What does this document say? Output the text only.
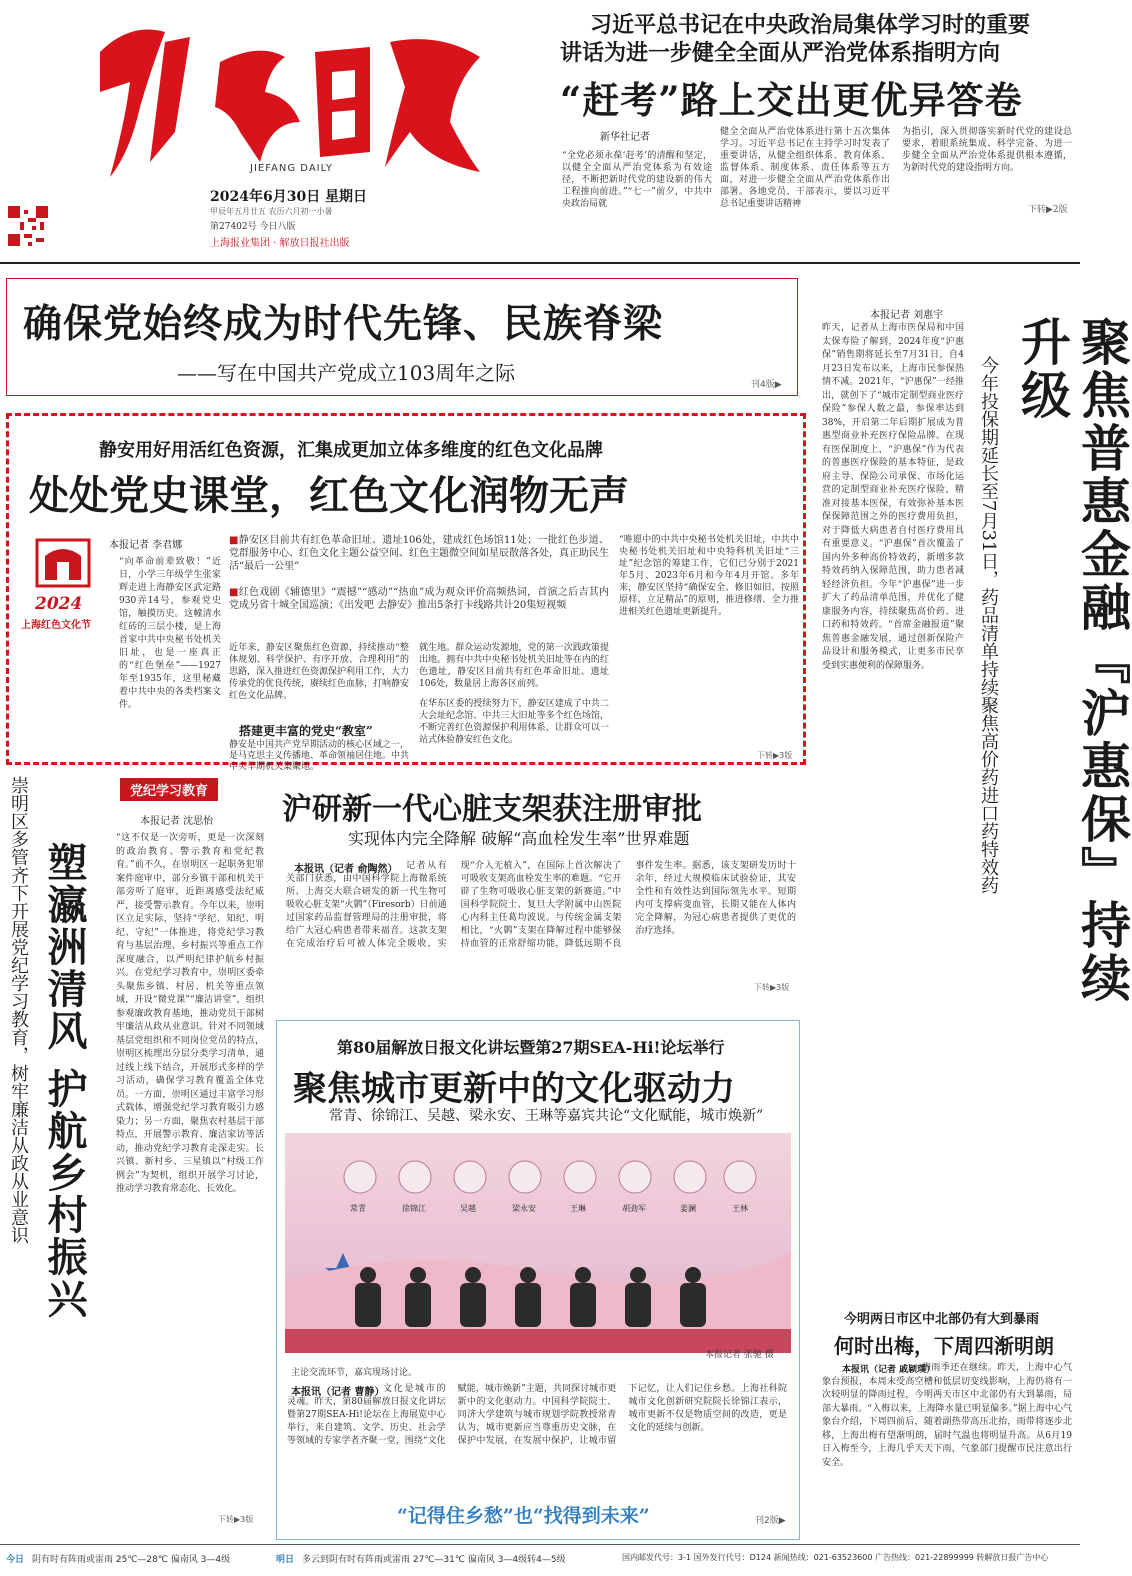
JIEFANG DAILY
2024年6月30日 星期日
甲辰年五月廿五 农历六月初一小暑
第27402号 今日八版
上海报业集团 · 解放日报社出版
习近平总书记在中央政治局集体学习时的重要
讲话为进一步健全全面从严治党体系指明方向
“赶考”路上交出更优异答卷
新华社记者
“全党必须永葆‘赶考’的清醒和坚定，以健全全面从严治党体系为有效途径，不断把新时代党的建设新的伟大工程推向前进。”“七一”前夕，中共中央政治局就
健全全面从严治党体系进行第十五次集体学习。习近平总书记在主持学习时发表了重要讲话，从健全组织体系、教育体系、监督体系、制度体系、责任体系等五方面，对进一步健全全面从严治党体系作出部署。各地党员、干部表示，要以习近平总书记重要讲话精神
为指引，深入贯彻落实新时代党的建设总要求，着眼系统集成、科学完备、为进一步健全全面从严治党体系提供根本遵循，为新时代党的建设指明方向。
下转▶2版
确保党始终成为时代先锋、民族脊梁
——写在中国共产党成立103周年之际	刊4版▶
静安用好用活红色资源，汇集成更加立体多维度的红色文化品牌
处处党史课堂，红色文化润物无声
2024
上海红色文化节
本报记者 李君娜
“向革命前辈致敬！”近日，小学三年级学生张家辉走进上海静安区武定路930弄14号，参观党史馆，触摸历史。这幢清水红砖的三层小楼，是上海首家中共中央秘书处机关旧址，也是一座真正的“红色堡垒”——1927年至1935年，这里秘藏着中共中央的各类档案文件。
■静安区目前共有红色革命旧址、遗址106处，建成红色场馆11处；一批红色步道、党群服务中心、红色文化主题公益空间、红色主题微空间如星辰散落各处，真正助民生活“最后一公里”
■红色戏剧《辅德里》“震撼”“感动”“热血”成为观众评价高频热词，首演之后吉其内党成另省十城全国巡演；《出发吧 去静安》推出5条打卡线路共计20集短视频
近年来，静安区聚焦红色资源，持续推动“整体规划、科学保护、有序开放、合理利用”的思路，深入推进红色资源保护利用工作，大力传承党的优良传统，赓续红色血脉，打响静安红色文化品牌。
搭建更丰富的党史“教室”
静安是中国共产党早期活动的核心区域之一，是马克思主义传播地、革命领袖居住地。中共中央早期机关集聚地。
就生地。群众运动发源地，党的第一次践政策提出地。拥有中共中央秘书处机关旧址等在内的红色遗址，静安区目前共有红色革命旧址、遗址106处，数量居上海各区前列。
在华东区委的授续努力下，静安区建成了中共二大会址纪念馆、中共三大旧址等多个红色场馆，不断完善红色资源保护利用体系，让群众可以一站式体验静安红色文化。
“唯愿中的中共中央秘书处机关旧址，中共中央秘书处机关旧址和中央特科机关旧址“三址”纪念馆的筹建工作，它们已分别于2021年5月、2023年6月和今年4月开馆。多年来，静安区坚持“确保安全、修旧如旧、按照原样、立足精品”的原则，推进修缮、全力推进相关红色遗址更新提升。
下转▶3版
本报记者 刘惠宇
昨天，记者从上海市医保局和中国太保寿险了解到，2024年度“沪惠保”销售期将延长至7月31日，自4月23日发布以来，上海市民参保热情不减。2021年，“沪惠保”一经推出，就创下了“城市定制型商业医疗保险”参保人数之最，参保率达到38%，开启第二年后期扩展成为普惠型商业补充医疗保险品牌。在现有医保制度上，“沪惠保”作为代表的普惠医疗保险的基本特征，是政府主导、保险公司承保、市场化运营的定制型商业补充医疗保险，精准对接基本医保，有效弥补基本医保保障范围之外的医疗费用负担，对于降低大病患者自付医疗费用具有重要意义。“沪惠保”首次覆盖了国内外多种高价特效药，新增多款特效药纳入保障范围，助力患者减轻经济负担。今年“沪惠保”进一步扩大了药品清单范围，并优化了健康服务内容，持续聚焦高价药、进口药和特效药。“首席金融报道”聚焦普惠金融发展，通过创新保险产品设计和服务模式，让更多市民享受到实惠便利的保障服务。	聚焦普惠金融『沪惠保』持续升级
今年投保期延长至7月31日，药品清单持续聚焦高价药进口药特效药
党纪学习教育
崇明区多管齐下开展党纪学习教育，树牢廉洁从政从业意识 塑瀛洲清风 护航乡村振兴
本报记者 沈思怡
“这不仅是一次旁听，更是一次深刻的政治教育、警示教育和党纪教育。”前不久，在崇明区一起职务犯罪案件庭审中，部分乡镇干部和机关干部旁听了庭审，近距离感受法纪威严，接受警示教育。今年以来，崇明区立足实际，坚持“学纪、知纪、明纪、守纪”一体推进，将党纪学习教育与基层治理、乡村振兴等重点工作深度融合，以严明纪律护航乡村振兴。在党纪学习教育中，崇明区委牵头聚焦乡镇、村居、机关等重点领域，开设“微党课”“廉洁讲堂”，组织参观廉政教育基地，推动党员干部树牢廉洁从政从业意识。针对不同领域基层党组织和不同岗位党员的特点，崇明区梳理出分层分类学习清单，通过线上线下结合，开展形式多样的学习活动，确保学习教育覆盖全体党员。一方面，崇明区通过丰富学习形式载体，增强党纪学习教育吸引力感染力；另一方面，聚焦农村基层干部特点，开展警示教育、廉洁家访等活动，推动党纪学习教育走深走实。长兴镇、新村乡、三星镇以“村级工作例会”为契机，组织开展学习讨论，推动学习教育常态化、长效化。
下转▶3版
沪研新一代心脏支架获注册审批
实现体内完全降解 破解“高血栓发生率”世界难题
本报讯（记者 俞陶然） 记者从有关部门获悉，由中国科学院上海微系统所、上海交大联合研发的新一代生物可吸收心脏支架“火鹮”（Firesorb）日前通过国家药品监督管理局的注册审批，将给广大冠心病患者带来福音。这款支架在完成治疗后可被人体完全吸收，实现“介入无植入”，在国际上首次解决了可吸收支架高血栓发生率的难题。“它开辟了生物可吸收心脏支架的新赛道。”中国科学院院士、复旦大学附属中山医院心内科主任葛均波说。与传统金属支架相比，“火鹮”支架在降解过程中能够保持血管的正常舒缩功能，降低远期不良事件发生率。据悉，该支架研发历时十余年，经过大规模临床试验验证，其安全性和有效性达到国际领先水平。短期内可支撑病变血管，长期又能在人体内完全降解，为冠心病患者提供了更优的治疗选择。
下转▶3版
第80届解放日报文化讲坛暨第27期SEA-Hi!论坛举行
聚焦城市更新中的文化驱动力
常青、徐锦江、吴越、梁永安、王琳等嘉宾共论“文化赋能，城市焕新”
常青	徐锦江	吴越	梁永安	王琳	胡劲军	姜澜	王林
主论交流环节，嘉宾现场讨论。
本报记者 张驰 摄
本报讯（记者 曹静）
文化是城市的灵魂。昨天，第80届解放日报文化讲坛暨第27期SEA-Hi!论坛在上海展览中心举行，来自建筑、文学、历史、社会学等领域的专家学者齐聚一堂，围绕“文化赋能，城市焕新”主题，共同探讨城市更新中的文化驱动力。中国科学院院士、同济大学建筑与城市规划学院教授常青认为，城市更新应当尊重历史文脉，在保护中发展，在发展中保护，让城市留下记忆，让人们记住乡愁。上海社科院城市文化创新研究院院长徐锦江表示，城市更新不仅是物质空间的改造，更是文化的延续与创新。
“记得住乡愁”也“找得到未来”	刊2版▶
今明两日市区中北部仍有大到暴雨
何时出梅，下周四渐明朗
本报讯（记者 戚颖璞）
梅雨季还在继续。昨天，上海中心气象台预报，本周末受高空槽和低层切变线影响，上海仍将有一次较明显的降雨过程，今明两天市区中北部仍有大到暴雨，局部大暴雨。“入梅以来，上海降水量已明显偏多。”据上海中心气象台介绍，下周四前后，随着副热带高压北抬，雨带将逐步北移，上海出梅有望渐明朗，届时气温也将明显升高。从6月19日入梅至今，上海几乎天天下雨，气象部门提醒市民注意出行安全。
今日 阴有时有阵雨或雷雨 25℃—28℃ 偏南风 3—4级	明日 多云到阴有时有阵雨或雷雨 27℃—31℃ 偏南风 3—4级转4—5级	国内邮发代号：3-1 国外发行代号：D124 新闻热线：021-63523600 广告热线：021-22899999 转解放日报广告中心
